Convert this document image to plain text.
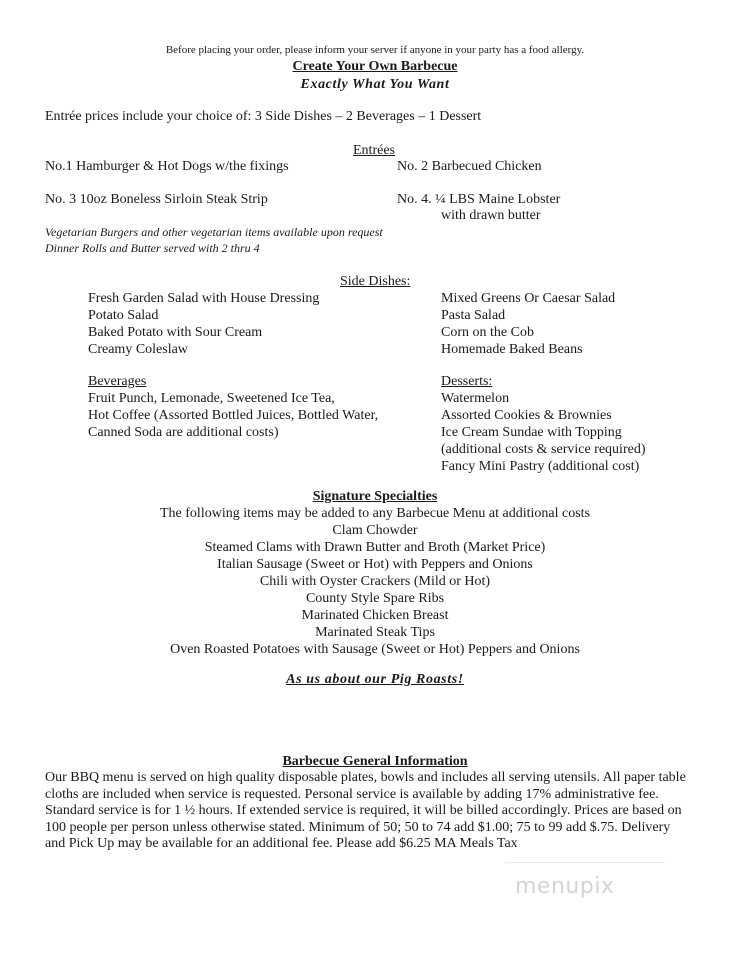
Before placing your order, please inform your server if anyone in your party has a food allergy.
Create Your Own Barbecue
Exactly What You Want
Entrée prices include your choice of: 3 Side Dishes – 2 Beverages – 1 Dessert
Entrées
No.1 Hamburger & Hot Dogs w/the fixings	No. 2 Barbecued Chicken
No. 3 10oz Boneless Sirloin Steak Strip	No. 4. ¼ LBS Maine Lobster
with drawn butter
Vegetarian Burgers and other vegetarian items available upon request
Dinner Rolls and Butter served with 2 thru 4
Side Dishes:
Fresh Garden Salad with House Dressing
Potato Salad
Baked Potato with Sour Cream
Creamy Coleslaw
Mixed Greens Or Caesar Salad
Pasta Salad
Corn on the Cob
Homemade Baked Beans
Beverages
Fruit Punch, Lemonade, Sweetened Ice Tea,
Hot Coffee (Assorted Bottled Juices, Bottled Water,
Canned Soda are additional costs)
Desserts:
Watermelon
Assorted Cookies & Brownies
Ice Cream Sundae with Topping
(additional costs & service required)
Fancy Mini Pastry (additional cost)
Signature Specialties
The following items may be added to any Barbecue Menu at additional costs
Clam Chowder
Steamed Clams with Drawn Butter and Broth (Market Price)
Italian Sausage (Sweet or Hot) with Peppers and Onions
Chili with Oyster Crackers (Mild or Hot)
County Style Spare Ribs
Marinated Chicken Breast
Marinated Steak Tips
Oven Roasted Potatoes with Sausage (Sweet or Hot) Peppers and Onions
As us about our Pig Roasts!
Barbecue General Information
Our BBQ menu is served on high quality disposable plates, bowls and includes all serving utensils. All paper table
cloths are included when service is requested. Personal service is available by adding 17% administrative fee.
Standard service is for 1 ½ hours. If extended service is required, it will be billed accordingly. Prices are based on
100 people per person unless otherwise stated. Minimum of 50; 50 to 74 add $1.00; 75 to 99 add $.75. Delivery
and Pick Up may be available for an additional fee. Please add $6.25 MA Meals Tax
menupix
